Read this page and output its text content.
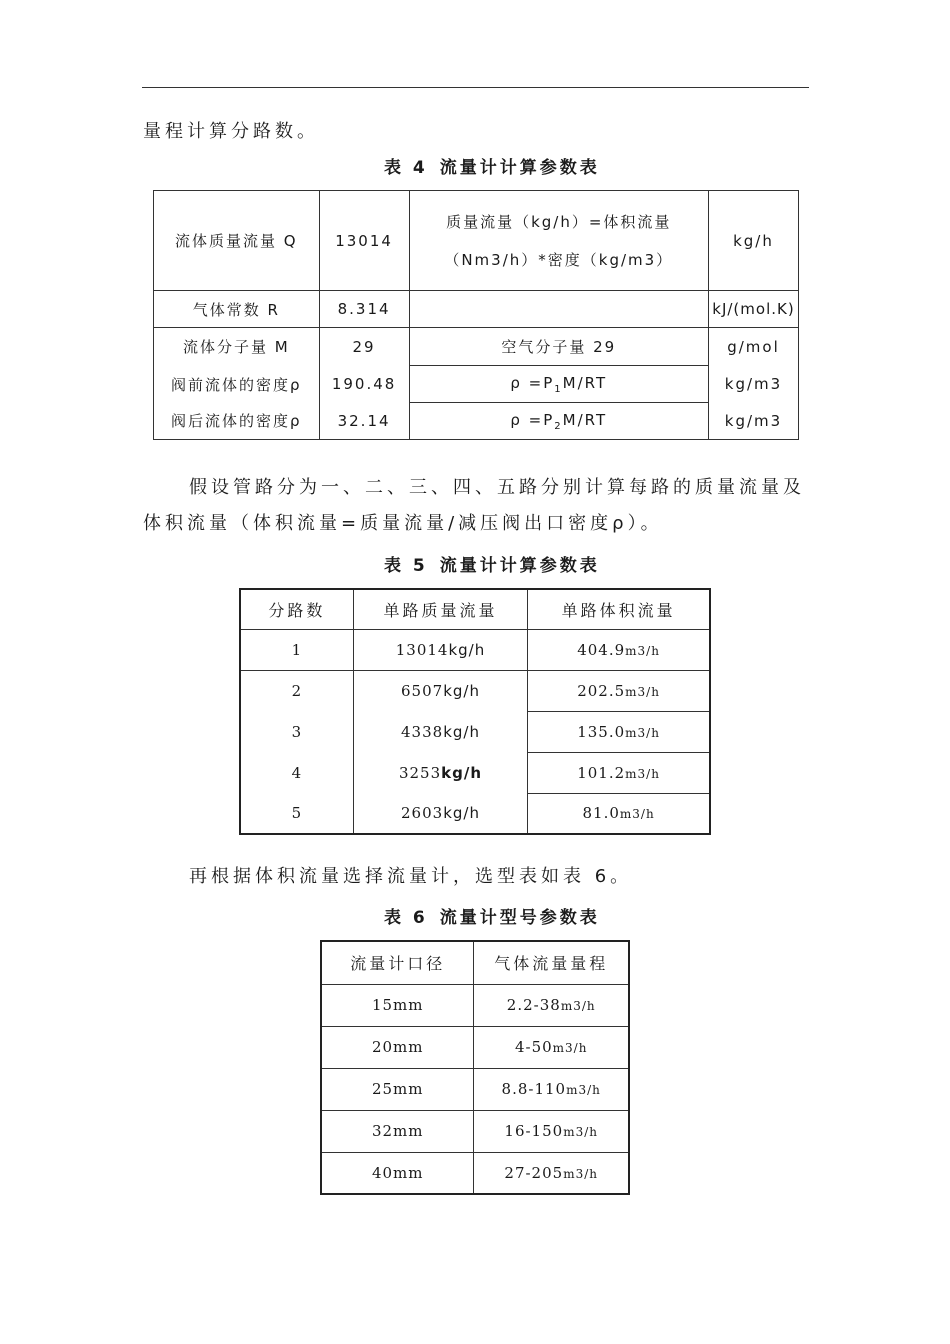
量程计算分路数。
表 4 流量计计算参数表
流体质量流量 Q	13014	质量流量（kg/h）=体积流量
（Nm3/h）*密度（kg/m3）	kg/h
气体常数 R	8.314		kJ/(mol.K)
流体分子量 M	29	空气分子量 29	g/mol
阀前流体的密度ρ	190.48	$\rho =P_1M/RT$	kg/m3
阀后流体的密度ρ	32.14	$\rho =P_2M/RT$	kg/m3
假设管路分为一、二、三、四、五路分别计算每路的质量流量及
体积流量（体积流量=质量流量/减压阀出口密度ρ）。
表 5 流量计计算参数表
分路数	单路质量流量	单路体积流量
1	13014kg/h	404.9m3/h
2	6507kg/h	202.5m3/h
3	4338kg/h	135.0m3/h
4	3253kg/h	101.2m3/h
5	2603kg/h	81.0m3/h
再根据体积流量选择流量计，选型表如表 6。
表 6 流量计型号参数表
流量计口径	气体流量量程
15mm	2.2-38m3/h
20mm	4-50m3/h
25mm	8.8-110m3/h
32mm	16-150m3/h
40mm	27-205m3/h
